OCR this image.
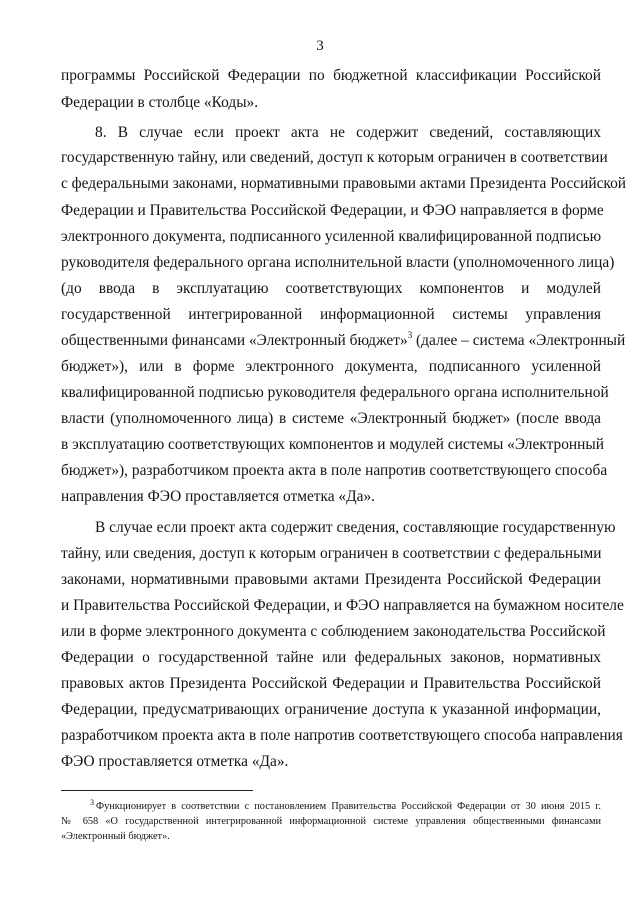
3
программы Российской Федерации по бюджетной классификации Российской
Федерации в столбце «Коды».
8. В случае если проект акта не содержит сведений, составляющих
государственную тайну, или сведений, доступ к которым ограничен в соответствии
с федеральными законами, нормативными правовыми актами Президента Российской
Федерации и Правительства Российской Федерации, и ФЭО направляется в форме
электронного документа, подписанного усиленной квалифицированной подписью
руководителя федерального органа исполнительной власти (уполномоченного лица)
(до ввода в эксплуатацию соответствующих компонентов и модулей
государственной интегрированной информационной системы управления
общественными финансами «Электронный бюджет»$^3$ (далее – система «Электронный
бюджет»), или в форме электронного документа, подписанного усиленной
квалифицированной подписью руководителя федерального органа исполнительной
власти (уполномоченного лица) в системе «Электронный бюджет» (после ввода
в эксплуатацию соответствующих компонентов и модулей системы «Электронный
бюджет»), разработчиком проекта акта в поле напротив соответствующего способа
направления ФЭО проставляется отметка «Да».
В случае если проект акта содержит сведения, составляющие государственную
тайну, или сведения, доступ к которым ограничен в соответствии с федеральными
законами, нормативными правовыми актами Президента Российской Федерации
и Правительства Российской Федерации, и ФЭО направляется на бумажном носителе
или в форме электронного документа с соблюдением законодательства Российской
Федерации о государственной тайне или федеральных законов, нормативных
правовых актов Президента Российской Федерации и Правительства Российской
Федерации, предусматривающих ограничение доступа к указанной информации,
разработчиком проекта акта в поле напротив соответствующего способа направления
ФЭО проставляется отметка «Да».
$^3$ Функционирует в соответствии с постановлением Правительства Российской Федерации от 30 июня 2015 г.
№ 658 «О государственной интегрированной информационной системе управления общественными финансами
«Электронный бюджет».
